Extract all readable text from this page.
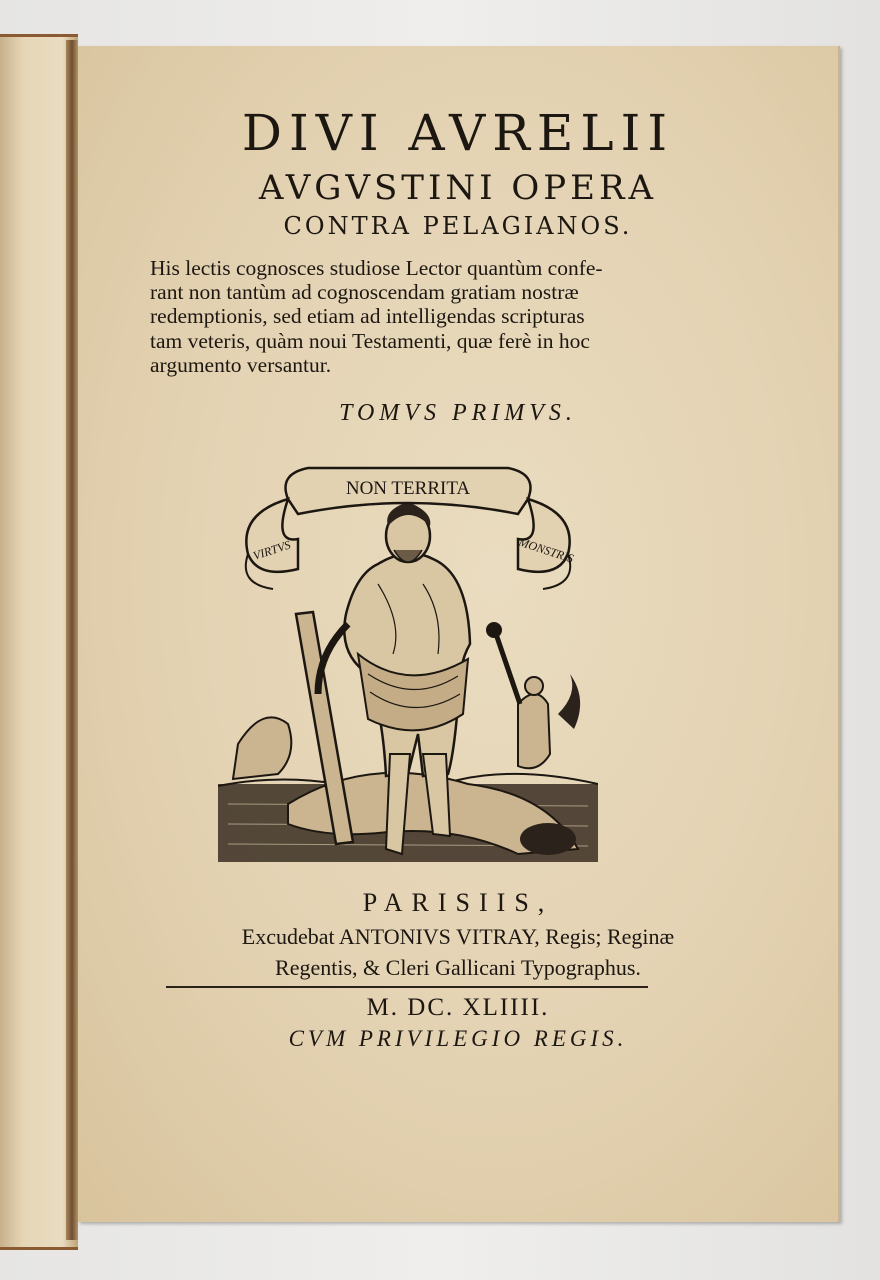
DIVI AVRELII
AVGVSTINI OPERA
CONTRA PELAGIANOS.
His lectis cognosces studiose Lector quantùm confe-
rant non tantùm ad cognoscendam gratiam nostræ
redemptionis, sed etiam ad intelligendas scripturas
tam veteris, quàm noui Testamenti, quæ ferè in hoc
argumento versantur.
TOMVS PRIMVS.
NON TERRITA
VIRTVS	MONSTRIS
PARISIIS,
Excudebat ANTONIVS VITRAY, Regis; Reginæ
Regentis, & Cleri Gallicani Typographus.
M. DC. XLIIII.
CVM PRIVILEGIO REGIS.
